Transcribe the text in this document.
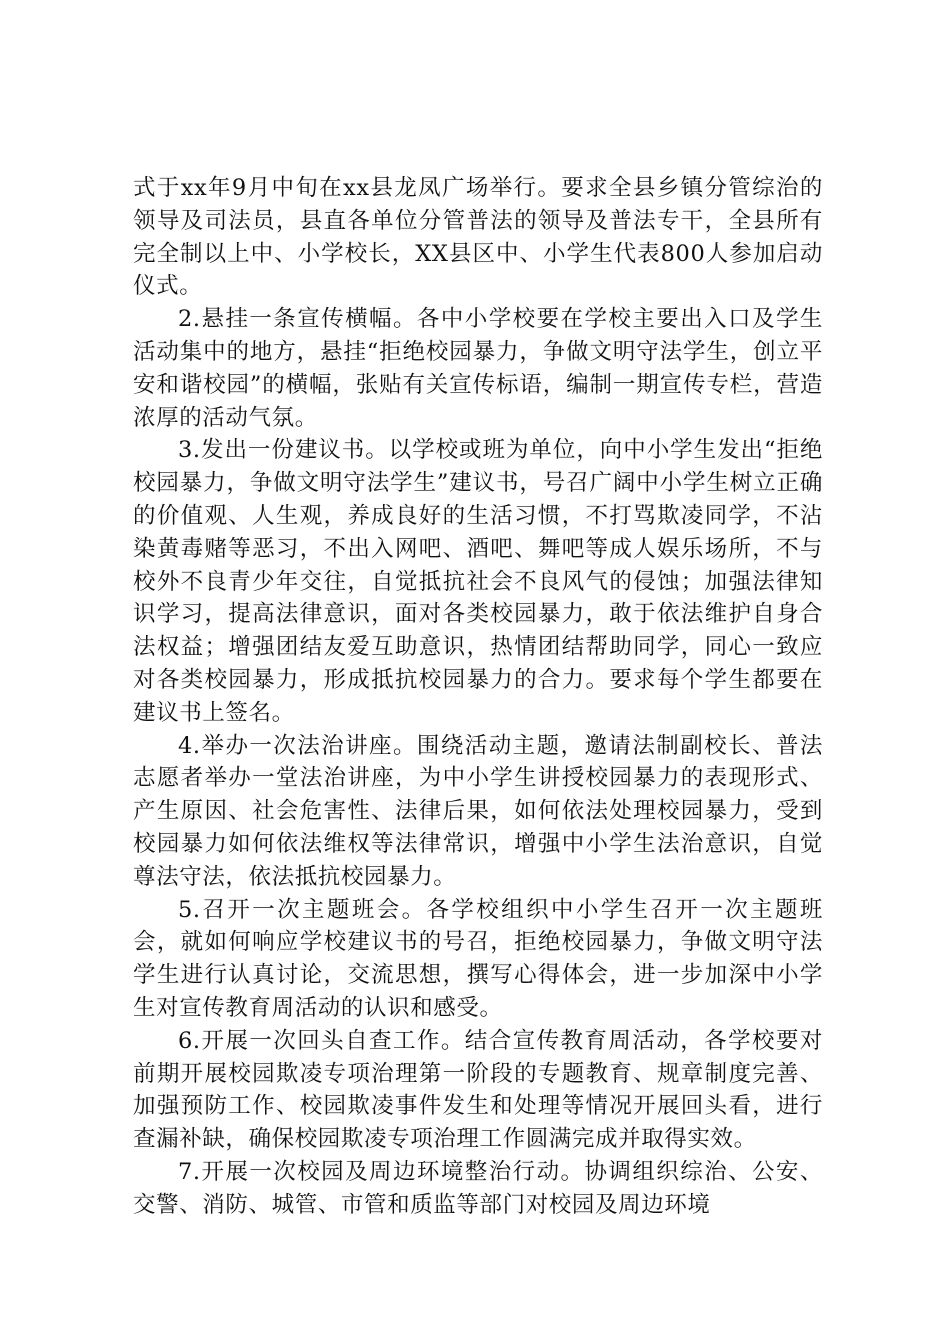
式于xx年9月中旬在xx县龙凤广场举行。要求全县乡镇分管综治的领导及司法员，县直各单位分管普法的领导及普法专干，全县所有完全制以上中、小学校长，XX县区中、小学生代表800人参加启动仪式。

2.悬挂一条宣传横幅。各中小学校要在学校主要出入口及学生活动集中的地方，悬挂“拒绝校园暴力，争做文明守法学生，创立平安和谐校园”的横幅，张贴有关宣传标语，编制一期宣传专栏，营造浓厚的活动气氛。

3.发出一份建议书。以学校或班为单位，向中小学生发出“拒绝校园暴力，争做文明守法学生”建议书，号召广阔中小学生树立正确的价值观、人生观，养成良好的生活习惯，不打骂欺凌同学，不沾染黄毒赌等恶习，不出入网吧、酒吧、舞吧等成人娱乐场所，不与校外不良青少年交往，自觉抵抗社会不良风气的侵蚀；加强法律知识学习，提高法律意识，面对各类校园暴力，敢于依法维护自身合法权益；增强团结友爱互助意识，热情团结帮助同学，同心一致应对各类校园暴力，形成抵抗校园暴力的合力。要求每个学生都要在建议书上签名。

4.举办一次法治讲座。围绕活动主题，邀请法制副校长、普法志愿者举办一堂法治讲座，为中小学生讲授校园暴力的表现形式、产生原因、社会危害性、法律后果，如何依法处理校园暴力，受到校园暴力如何依法维权等法律常识，增强中小学生法治意识，自觉尊法守法，依法抵抗校园暴力。

5.召开一次主题班会。各学校组织中小学生召开一次主题班会，就如何响应学校建议书的号召，拒绝校园暴力，争做文明守法学生进行认真讨论，交流思想，撰写心得体会，进一步加深中小学生对宣传教育周活动的认识和感受。

6.开展一次回头自查工作。结合宣传教育周活动，各学校要对前期开展校园欺凌专项治理第一阶段的专题教育、规章制度完善、加强预防工作、校园欺凌事件发生和处理等情况开展回头看，进行查漏补缺，确保校园欺凌专项治理工作圆满完成并取得实效。

7.开展一次校园及周边环境整治行动。协调组织综治、公安、交警、消防、城管、市管和质监等部门对校园及周边环境
